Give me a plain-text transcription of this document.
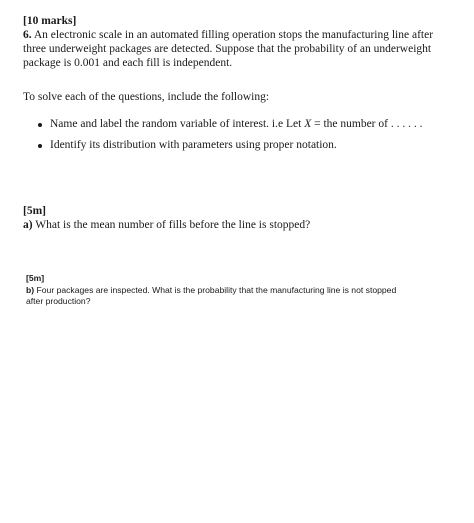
[10 marks]
6. An electronic scale in an automated filling operation stops the manufacturing line after
three underweight packages are detected. Suppose that the probability of an underweight
package is 0.001 and each fill is independent.
To solve each of the questions, include the following:
Name and label the random variable of interest. i.e Let X = the number of . . . . . .
Identify its distribution with parameters using proper notation.
[5m]
a) What is the mean number of fills before the line is stopped?
[5m]
b) Four packages are inspected. What is the probability that the manufacturing line is not stopped
after production?
